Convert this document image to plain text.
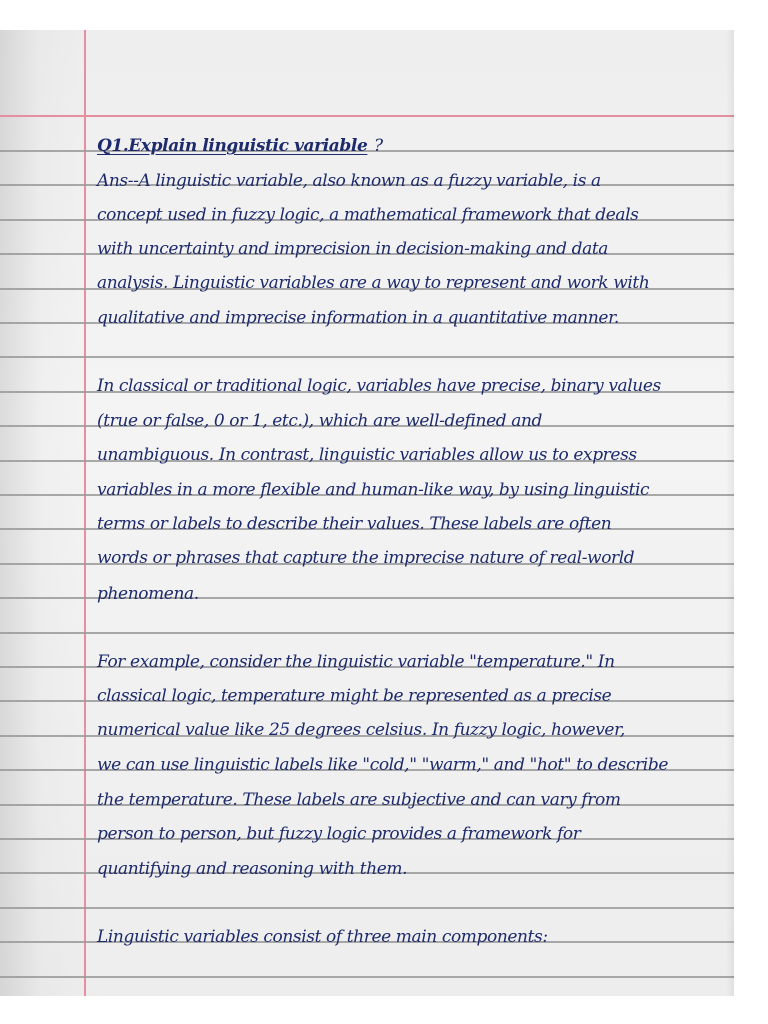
Q1.Explain linguistic variable ?
Ans--A linguistic variable, also known as a fuzzy variable, is a
concept used in fuzzy logic, a mathematical framework that deals
with uncertainty and imprecision in decision-making and data
analysis. Linguistic variables are a way to represent and work with
qualitative and imprecise information in a quantitative manner.
In classical or traditional logic, variables have precise, binary values
(true or false, 0 or 1, etc.), which are well-defined and
unambiguous. In contrast, linguistic variables allow us to express
variables in a more flexible and human-like way, by using linguistic
terms or labels to describe their values. These labels are often
words or phrases that capture the imprecise nature of real-world
phenomena.
For example, consider the linguistic variable "temperature." In
classical logic, temperature might be represented as a precise
numerical value like 25 degrees celsius. In fuzzy logic, however,
we can use linguistic labels like "cold," "warm," and "hot" to describe
the temperature. These labels are subjective and can vary from
person to person, but fuzzy logic provides a framework for
quantifying and reasoning with them.
Linguistic variables consist of three main components:
